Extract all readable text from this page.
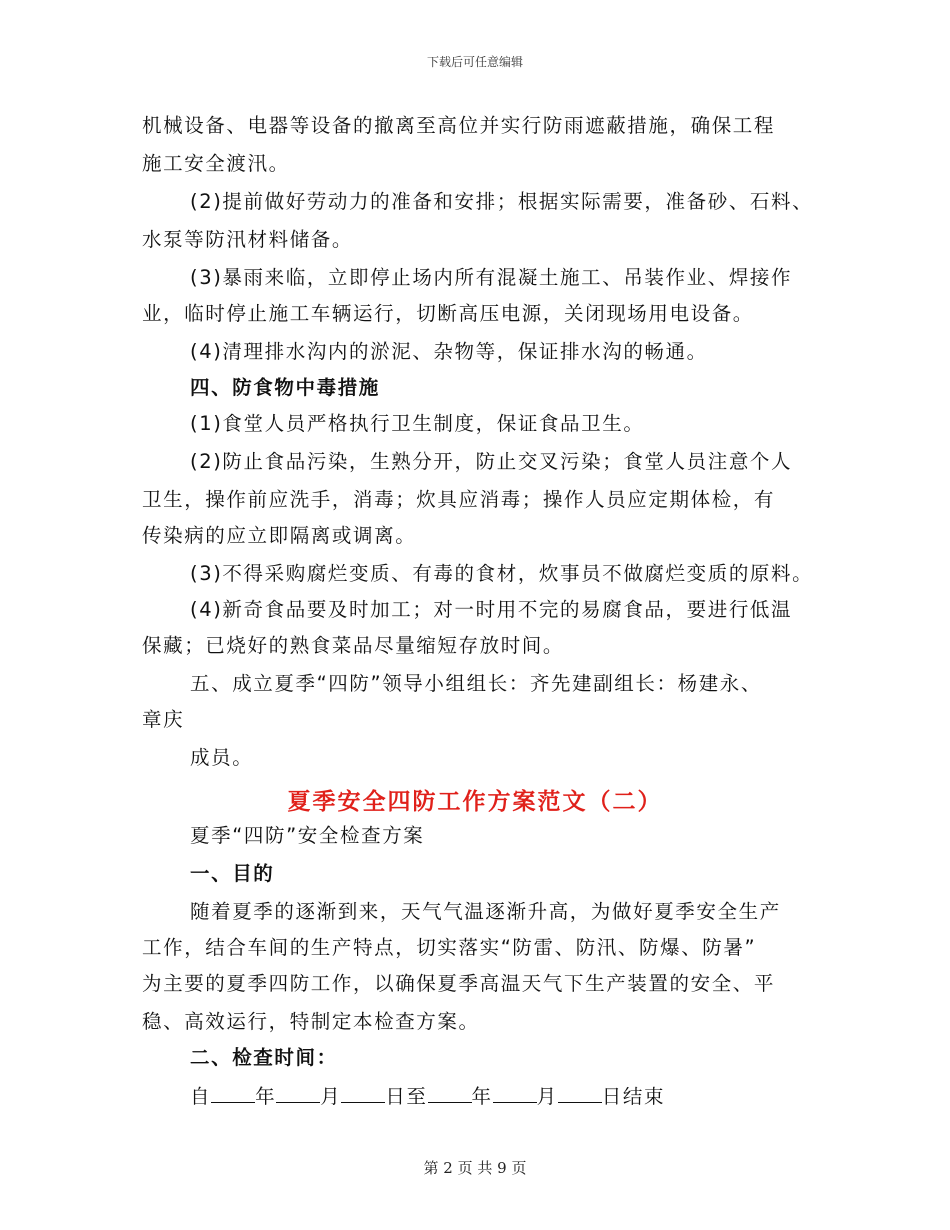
下载后可任意编辑
机械设备、电器等设备的撤离至高位并实行防雨遮蔽措施，确保工程
施工安全渡汛。
(2)提前做好劳动力的准备和安排；根据实际需要，准备砂、石料、
水泵等防汛材料储备。
(3)暴雨来临，立即停止场内所有混凝土施工、吊装作业、焊接作
业，临时停止施工车辆运行，切断高压电源，关闭现场用电设备。
(4)清理排水沟内的淤泥、杂物等，保证排水沟的畅通。
四、防食物中毒措施
(1)食堂人员严格执行卫生制度，保证食品卫生。
(2)防止食品污染，生熟分开，防止交叉污染；食堂人员注意个人
卫生，操作前应洗手，消毒；炊具应消毒；操作人员应定期体检，有
传染病的应立即隔离或调离。
(3)不得采购腐烂变质、有毒的食材，炊事员不做腐烂变质的原料。
(4)新奇食品要及时加工；对一时用不完的易腐食品，要进行低温
保藏；已烧好的熟食菜品尽量缩短存放时间。
五、成立夏季“四防”领导小组组长：齐先建副组长：杨建永、
章庆
成员。
夏季安全四防工作方案范文（二）
夏季“四防”安全检查方案
一、目的
随着夏季的逐渐到来，天气气温逐渐升高，为做好夏季安全生产
工作，结合车间的生产特点，切实落实“防雷、防汛、防爆、防暑”
为主要的夏季四防工作，以确保夏季高温天气下生产装置的安全、平
稳、高效运行，特制定本检查方案。
二、检查时间：
自 年 月 日至 年 月 日结束
第 2 页 共 9 页
